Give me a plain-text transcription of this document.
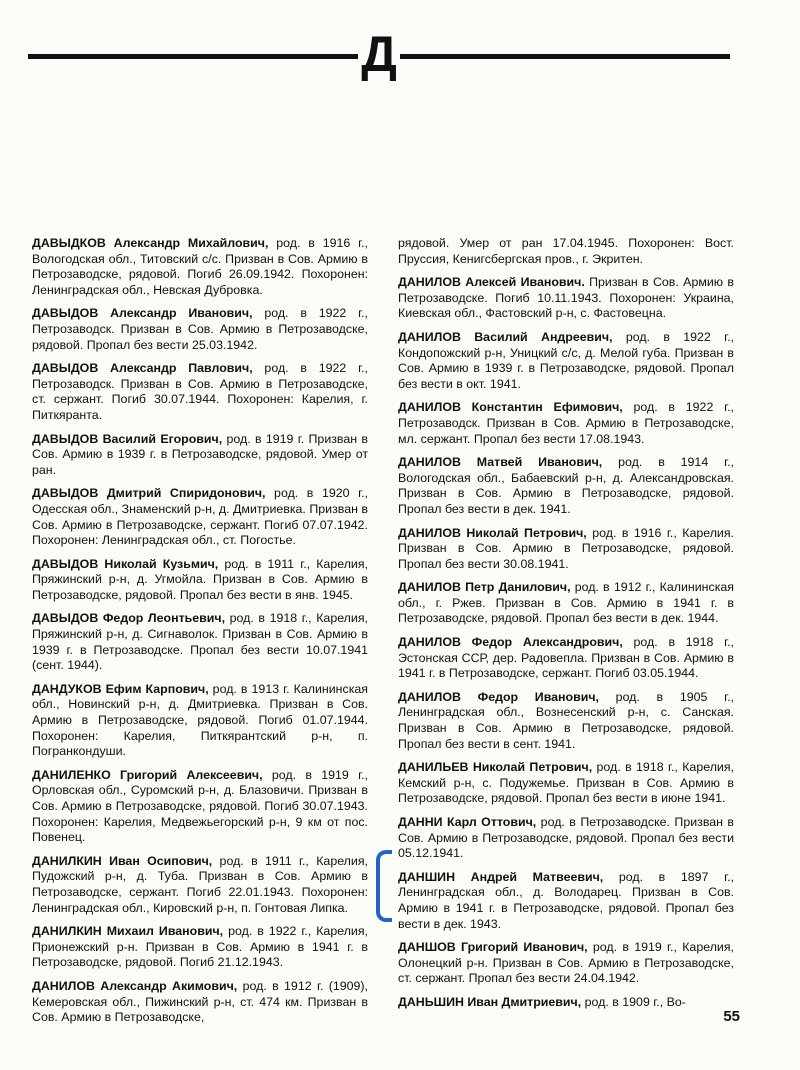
Д

ДАВЫДКОВ Александр Михайлович, род. в 1916 г., Вологодская обл., Титовский с/с. Призван в Сов. Армию в Петрозаводске, рядовой. Погиб 26.09.1942. Похоронен: Ленинградская обл., Невская Дубровка.

ДАВЫДОВ Александр Иванович, род. в 1922 г., Петрозаводск. Призван в Сов. Армию в Петрозаводске, рядовой. Пропал без вести 25.03.1942.

ДАВЫДОВ Александр Павлович, род. в 1922 г., Петрозаводск. Призван в Сов. Армию в Петрозаводске, ст. сержант. Погиб 30.07.1944. Похоронен: Карелия, г. Питкяранта.

ДАВЫДОВ Василий Егорович, род. в 1919 г. Призван в Сов. Армию в 1939 г. в Петрозаводске, рядовой. Умер от ран.

ДАВЫДОВ Дмитрий Спиридонович, род. в 1920 г., Одесская обл., Знаменский р-н, д. Дмитриевка. Призван в Сов. Армию в Петрозаводске, сержант. Погиб 07.07.1942. Похоронен: Ленинградская обл., ст. Погостье.

ДАВЫДОВ Николай Кузьмич, род. в 1911 г., Карелия, Пряжинский р-н, д. Угмойла. Призван в Сов. Армию в Петрозаводске, рядовой. Пропал без вести в янв. 1945.

ДАВЫДОВ Федор Леонтьевич, род. в 1918 г., Карелия, Пряжинский р-н, д. Сигнаволок. Призван в Сов. Армию в 1939 г. в Петрозаводске. Пропал без вести 10.07.1941 (сент. 1944).

ДАНДУКОВ Ефим Карпович, род. в 1913 г. Калининская обл., Новинский р-н, д. Дмитриевка. Призван в Сов. Армию в Петрозаводске, рядовой. Погиб 01.07.1944. Похоронен: Карелия, Питкярантский р-н, п. Погранкондуши.

ДАНИЛЕНКО Григорий Алексеевич, род. в 1919 г., Орловская обл., Суромский р-н, д. Блазовичи. Призван в Сов. Армию в Петрозаводске, рядовой. Погиб 30.07.1943. Похоронен: Карелия, Медвежьегорский р-н, 9 км от пос. Повенец.

ДАНИЛКИН Иван Осипович, род. в 1911 г., Карелия, Пудожский р-н, д. Туба. Призван в Сов. Армию в Петрозаводске, сержант. Погиб 22.01.1943. Похоронен: Ленинградская обл., Кировский р-н, п. Гонтовая Липка.

ДАНИЛКИН Михаил Иванович, род. в 1922 г., Карелия, Прионежский р-н. Призван в Сов. Армию в 1941 г. в Петрозаводске, рядовой. Погиб 21.12.1943.

ДАНИЛОВ Александр Акимович, род. в 1912 г. (1909), Кемеровская обл., Пижинский р-н, ст. 474 км. Призван в Сов. Армию в Петрозаводске,

рядовой. Умер от ран 17.04.1945. Похоронен: Вост. Пруссия, Кенигсбергская пров., г. Экритен.

ДАНИЛОВ Алексей Иванович. Призван в Сов. Армию в Петрозаводске. Погиб 10.11.1943. Похоронен: Украина, Киевская обл., Фастовский р-н, с. Фастовецна.

ДАНИЛОВ Василий Андреевич, род. в 1922 г., Кондопожский р-н, Уницкий с/с, д. Мелой губа. Призван в Сов. Армию в 1939 г. в Петрозаводске, рядовой. Пропал без вести в окт. 1941.

ДАНИЛОВ Константин Ефимович, род. в 1922 г., Петрозаводск. Призван в Сов. Армию в Петрозаводске, мл. сержант. Пропал без вести 17.08.1943.

ДАНИЛОВ Матвей Иванович, род. в 1914 г., Вологодская обл., Бабаевский р-н, д. Александровская. Призван в Сов. Армию в Петрозаводске, рядовой. Пропал без вести в дек. 1941.

ДАНИЛОВ Николай Петрович, род. в 1916 г., Карелия. Призван в Сов. Армию в Петрозаводске, рядовой. Пропал без вести 30.08.1941.

ДАНИЛОВ Петр Данилович, род. в 1912 г., Калининская обл., г. Ржев. Призван в Сов. Армию в 1941 г. в Петрозаводске, рядовой. Пропал без вести в дек. 1944.

ДАНИЛОВ Федор Александрович, род. в 1918 г., Эстонская ССР, дер. Радовепла. Призван в Сов. Армию в 1941 г. в Петрозаводске, сержант. Погиб 03.05.1944.

ДАНИЛОВ Федор Иванович, род. в 1905 г., Ленинградская обл., Вознесенский р-н, с. Санская. Призван в Сов. Армию в Петрозаводске, рядовой. Пропал без вести в сент. 1941.

ДАНИЛЬЕВ Николай Петрович, род. в 1918 г., Карелия, Кемский р-н, с. Подужемье. Призван в Сов. Армию в Петрозаводске, рядовой. Пропал без вести в июне 1941.

ДАННИ Карл Оттович, род. в Петрозаводске. Призван в Сов. Армию в Петрозаводске, рядовой. Пропал без вести 05.12.1941.

ДАНШИН Андрей Матвеевич, род. в 1897 г., Ленинградская обл., д. Володарец. Призван в Сов. Армию в 1941 г. в Петрозаводске, рядовой. Пропал без вести в дек. 1943.

ДАНШОВ Григорий Иванович, род. в 1919 г., Карелия, Олонецкий р-н. Призван в Сов. Армию в Петрозаводске, ст. сержант. Пропал без вести 24.04.1942.

ДАНЬШИН Иван Дмитриевич, род. в 1909 г., Во-

55
